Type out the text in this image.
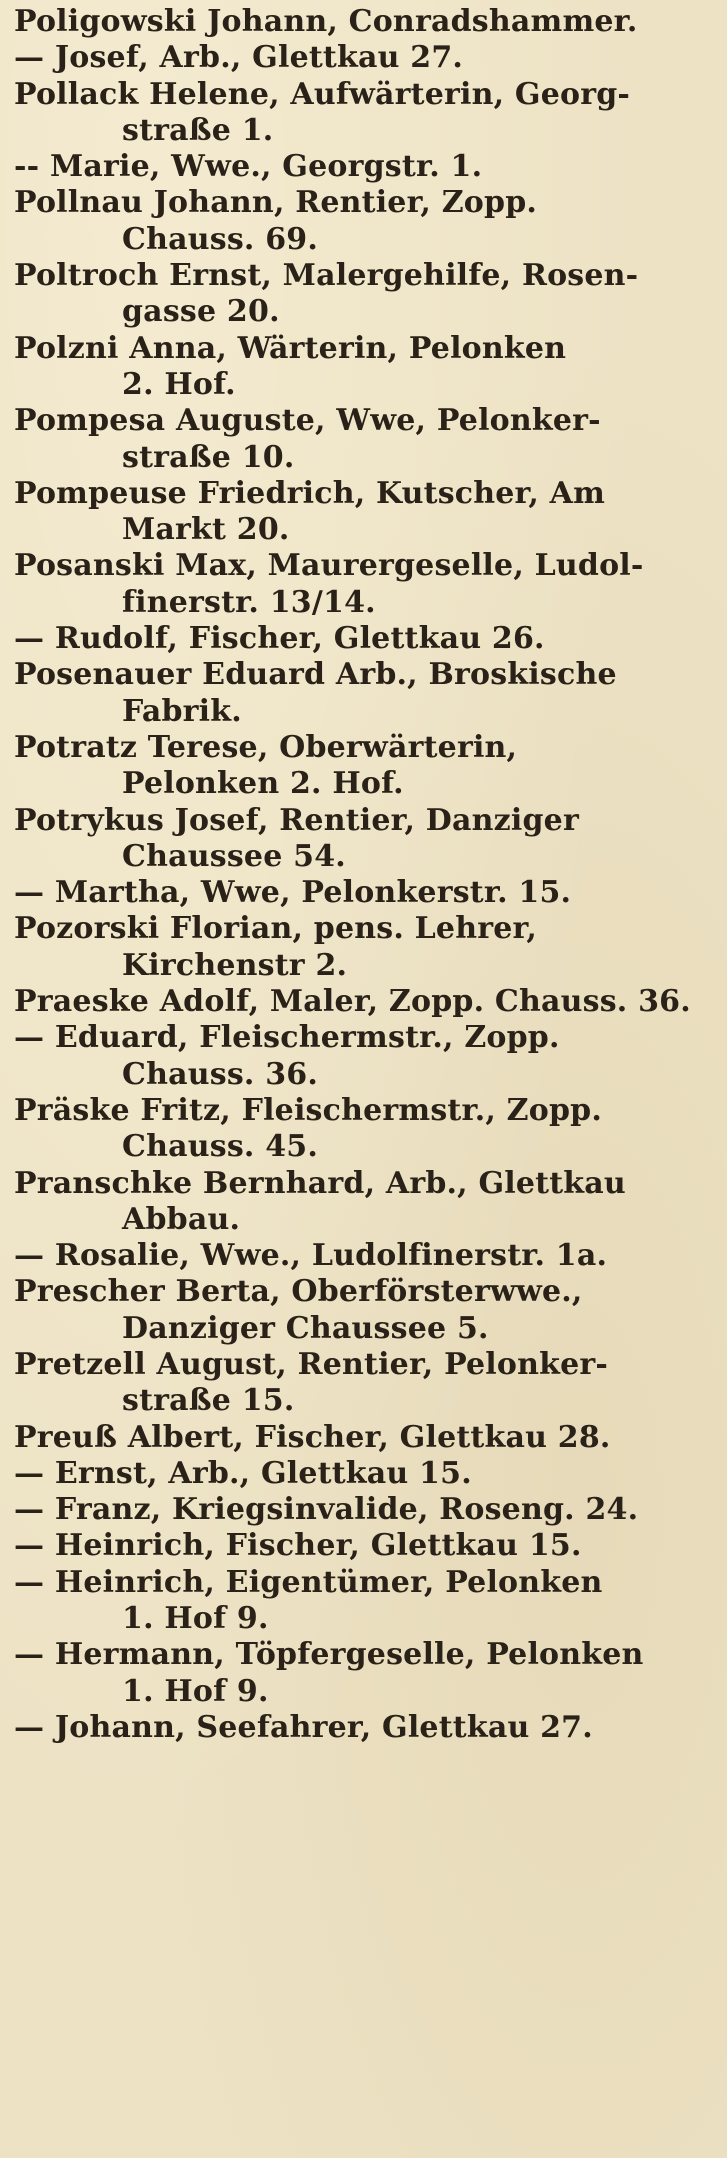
Poligowski Johann, Conradshammer.
— Josef, Arb., Glettkau 27.
Pollack Helene, Aufwärterin, Georg-
straße 1.
-- Marie, Wwe., Georgstr. 1.
Pollnau Johann, Rentier, Zopp.
Chauss. 69.
Poltroch Ernst, Malergehilfe, Rosen-
gasse 20.
Polzni Anna, Wärterin, Pelonken
2. Hof.
Pompesa Auguste, Wwe, Pelonker-
straße 10.
Pompeuse Friedrich, Kutscher, Am
Markt 20.
Posanski Max, Maurergeselle, Ludol-
finerstr. 13/14.
— Rudolf, Fischer, Glettkau 26.
Posenauer Eduard Arb., Broskische
Fabrik.
Potratz Terese, Oberwärterin,
Pelonken 2. Hof.
Potrykus Josef, Rentier, Danziger
Chaussee 54.
— Martha, Wwe, Pelonkerstr. 15.
Pozorski Florian, pens. Lehrer,
Kirchenstr 2.
Praeske Adolf, Maler, Zopp. Chauss. 36.
— Eduard, Fleischermstr., Zopp.
Chauss. 36.
Präske Fritz, Fleischermstr., Zopp.
Chauss. 45.
Pranschke Bernhard, Arb., Glettkau
Abbau.
— Rosalie, Wwe., Ludolfinerstr. 1a.
Prescher Berta, Oberförsterwwe.,
Danziger Chaussee 5.
Pretzell August, Rentier, Pelonker-
straße 15.
Preuß Albert, Fischer, Glettkau 28.
— Ernst, Arb., Glettkau 15.
— Franz, Kriegsinvalide, Roseng. 24.
— Heinrich, Fischer, Glettkau 15.
— Heinrich, Eigentümer, Pelonken
1. Hof 9.
— Hermann, Töpfergeselle, Pelonken
1. Hof 9.
— Johann, Seefahrer, Glettkau 27.
